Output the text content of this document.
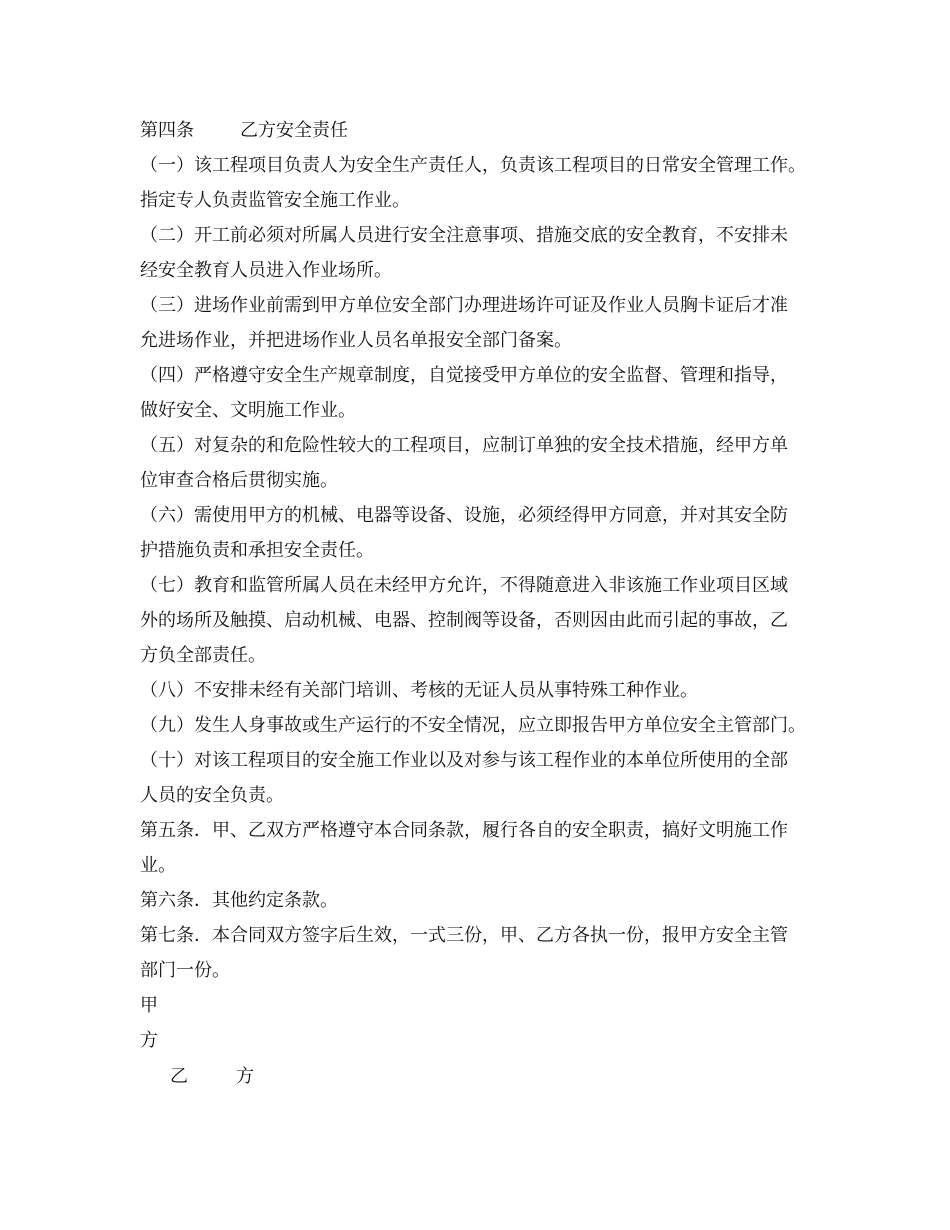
第四条	乙方安全责任
（一）该工程项目负责人为安全生产责任人，负责该工程项目的日常安全管理工作。
指定专人负责监管安全施工作业。
（二）开工前必须对所属人员进行安全注意事项、措施交底的安全教育，不安排未
经安全教育人员进入作业场所。
（三）进场作业前需到甲方单位安全部门办理进场许可证及作业人员胸卡证后才准
允进场作业，并把进场作业人员名单报安全部门备案。
（四）严格遵守安全生产规章制度，自觉接受甲方单位的安全监督、管理和指导，
做好安全、文明施工作业。
（五）对复杂的和危险性较大的工程项目，应制订单独的安全技术措施，经甲方单
位审查合格后贯彻实施。
（六）需使用甲方的机械、电器等设备、设施，必须经得甲方同意，并对其安全防
护措施负责和承担安全责任。
（七）教育和监管所属人员在未经甲方允许，不得随意进入非该施工作业项目区域
外的场所及触摸、启动机械、电器、控制阀等设备，否则因由此而引起的事故，乙
方负全部责任。
（八）不安排未经有关部门培训、考核的无证人员从事特殊工种作业。
（九）发生人身事故或生产运行的不安全情况，应立即报告甲方单位安全主管部门。
（十）对该工程项目的安全施工作业以及对参与该工程作业的本单位所使用的全部
人员的安全负责。
第五条．甲、乙双方严格遵守本合同条款，履行各自的安全职责，搞好文明施工作
业。
第六条．其他约定条款。
第七条．本合同双方签字后生效，一式三份，甲、乙方各执一份，报甲方安全主管
部门一份。
甲
方
乙	方
